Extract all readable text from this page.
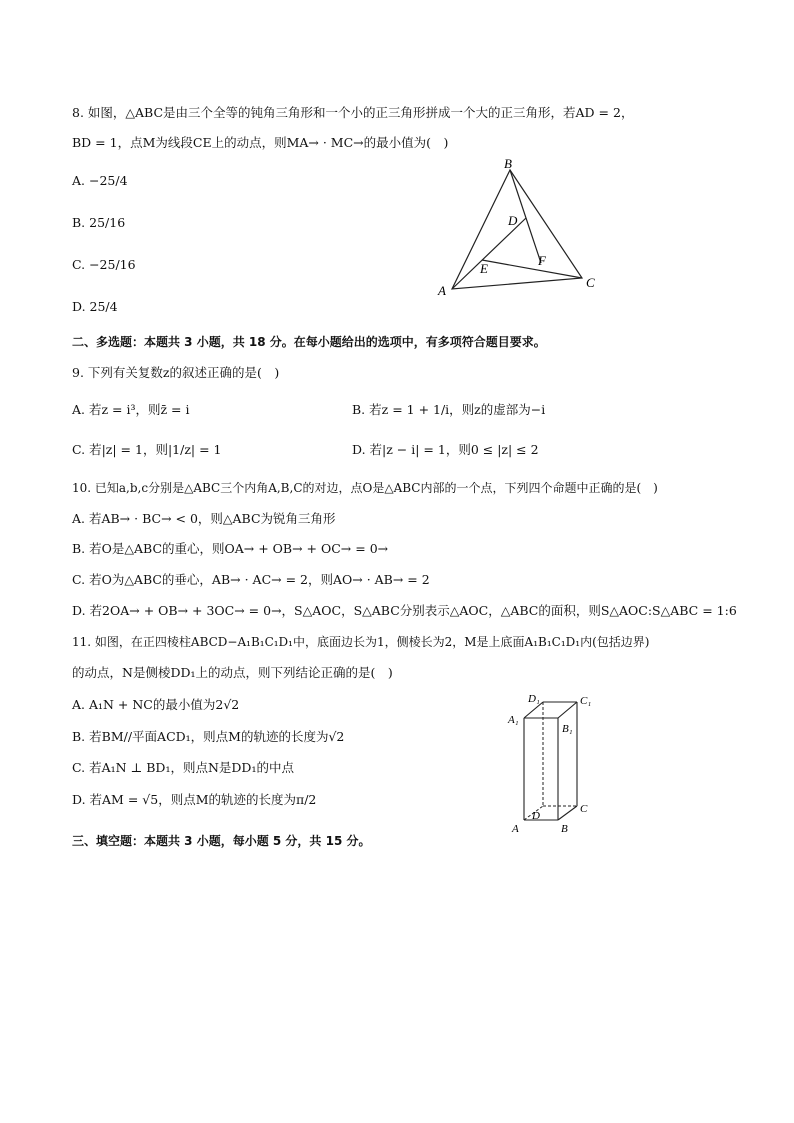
8. 如图，△ABC是由三个全等的钝角三角形和一个小的正三角形拼成一个大的正三角形，若AD = 2，
BD = 1，点M为线段CE上的动点，则MA→ · MC→的最小值为(　)
A. −25/4
B. 25/16
C. −25/16
D. 25/4
B
A
C
D
E
F
二、多选题：本题共 3 小题，共 18 分。在每小题给出的选项中，有多项符合题目要求。
9. 下列有关复数z的叙述正确的是(　)
A. 若z = i³，则z̄ = i	B. 若z = 1 + 1/i，则z的虚部为−i
C. 若|z| = 1，则|1/z| = 1	D. 若|z − i| = 1，则0 ≤ |z| ≤ 2
10. 已知a,b,c分别是△ABC三个内角A,B,C的对边，点O是△ABC内部的一个点，下列四个命题中正确的是(　)
A. 若AB→ · BC→ < 0，则△ABC为锐角三角形
B. 若O是△ABC的重心，则OA→ + OB→ + OC→ = 0→
C. 若O为△ABC的垂心，AB→ · AC→ = 2，则AO→ · AB→ = 2
D. 若2OA→ + OB→ + 3OC→ = 0→，S△AOC，S△ABC分别表示△AOC，△ABC的面积，则S△AOC:S△ABC = 1:6
11. 如图，在正四棱柱ABCD−A₁B₁C₁D₁中，底面边长为1，侧棱长为2，M是上底面A₁B₁C₁D₁内(包括边界)
的动点，N是侧棱DD₁上的动点，则下列结论正确的是(　)
A. A₁N + NC的最小值为2√2
B. 若BM//平面ACD₁，则点M的轨迹的长度为√2
C. 若A₁N ⊥ BD₁，则点N是DD₁的中点
D. 若AM = √5，则点M的轨迹的长度为π/2
D₁	C₁
A₁
B₁
D
C
A	B
三、填空题：本题共 3 小题，每小题 5 分，共 15 分。
